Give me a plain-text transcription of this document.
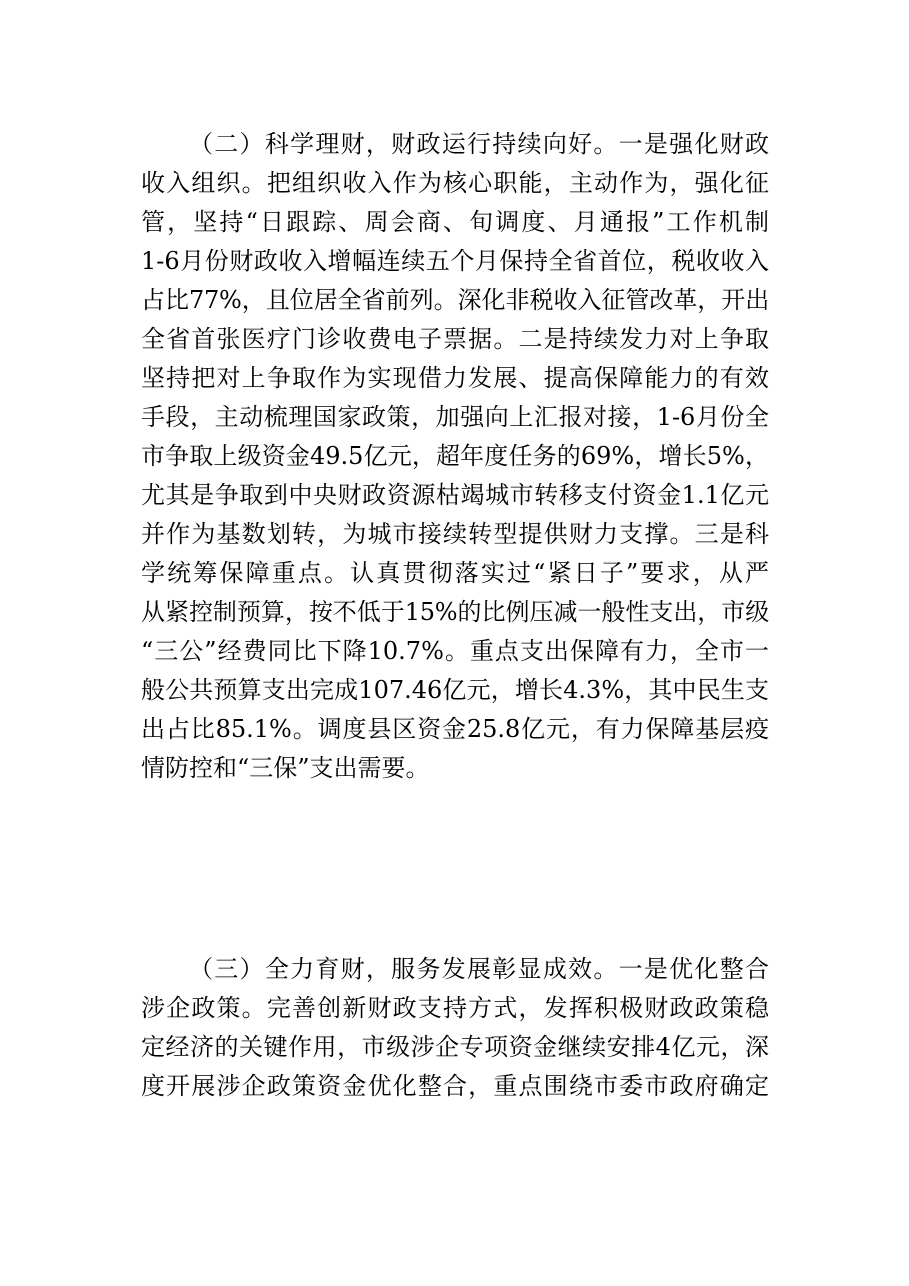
（二）科学理财，财政运行持续向好。一是强化财政
收入组织。把组织收入作为核心职能，主动作为，强化征
管，坚持“日跟踪、周会商、旬调度、月通报”工作机制
1-6月份财政收入增幅连续五个月保持全省首位，税收收入
占比77%，且位居全省前列。深化非税收入征管改革，开出
全省首张医疗门诊收费电子票据。二是持续发力对上争取
坚持把对上争取作为实现借力发展、提高保障能力的有效
手段，主动梳理国家政策，加强向上汇报对接，1-6月份全
市争取上级资金49.5亿元，超年度任务的69%，增长5%，
尤其是争取到中央财政资源枯竭城市转移支付资金1.1亿元
并作为基数划转，为城市接续转型提供财力支撑。三是科
学统筹保障重点。认真贯彻落实过“紧日子”要求，从严
从紧控制预算，按不低于15%的比例压减一般性支出，市级
“三公”经费同比下降10.7%。重点支出保障有力，全市一
般公共预算支出完成107.46亿元，增长4.3%，其中民生支
出占比85.1%。调度县区资金25.8亿元，有力保障基层疫
情防控和“三保”支出需要。
（三）全力育财，服务发展彰显成效。一是优化整合
涉企政策。完善创新财政支持方式，发挥积极财政政策稳
定经济的关键作用，市级涉企专项资金继续安排4亿元，深
度开展涉企政策资金优化整合，重点围绕市委市政府确定
